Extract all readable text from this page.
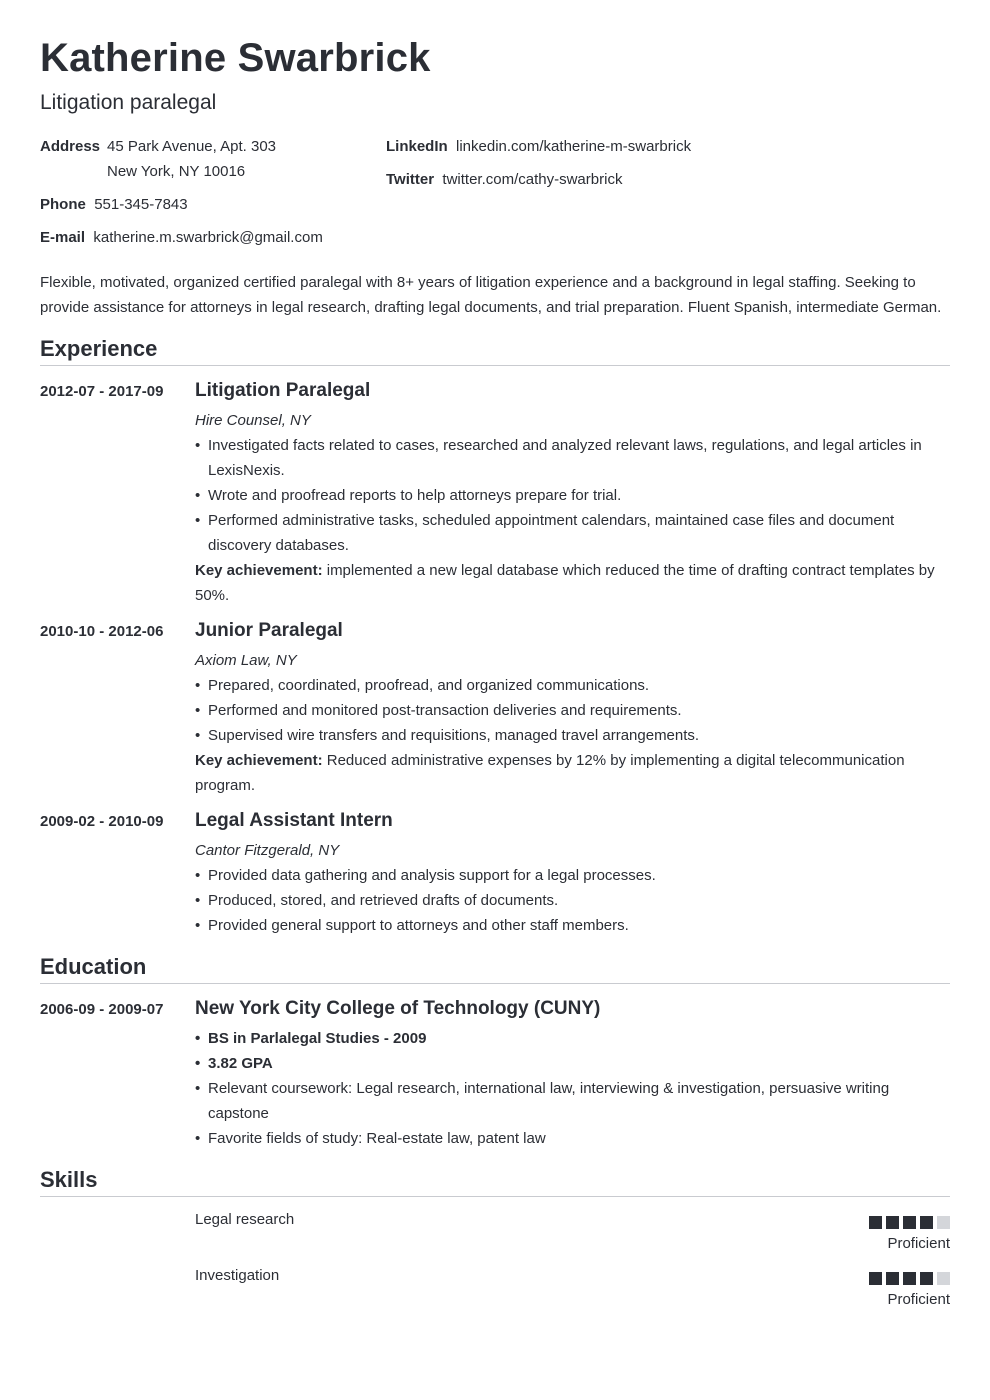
Katherine Swarbrick
Litigation paralegal
Address 45 Park Avenue, Apt. 303
New York, NY 10016
Phone 551-345-7843
E-mail katherine.m.swarbrick@gmail.com
LinkedIn linkedin.com/katherine-m-swarbrick
Twitter twitter.com/cathy-swarbrick
Flexible, motivated, organized certified paralegal with 8+ years of litigation experience and a background in legal staffing. Seeking to provide assistance for attorneys in legal research, drafting legal documents, and trial preparation. Fluent Spanish, intermediate German.
Experience
2012-07 - 2017-09 Litigation Paralegal
Hire Counsel, NY
• Investigated facts related to cases, researched and analyzed relevant laws, regulations, and legal articles in LexisNexis.
• Wrote and proofread reports to help attorneys prepare for trial.
• Performed administrative tasks, scheduled appointment calendars, maintained case files and document discovery databases.
Key achievement: implemented a new legal database which reduced the time of drafting contract templates by 50%.
2010-10 - 2012-06 Junior Paralegal
Axiom Law, NY
• Prepared, coordinated, proofread, and organized communications.
• Performed and monitored post-transaction deliveries and requirements.
• Supervised wire transfers and requisitions, managed travel arrangements.
Key achievement: Reduced administrative expenses by 12% by implementing a digital telecommunication program.
2009-02 - 2010-09 Legal Assistant Intern
Cantor Fitzgerald, NY
• Provided data gathering and analysis support for a legal processes.
• Produced, stored, and retrieved drafts of documents.
• Provided general support to attorneys and other staff members.
Education
2006-09 - 2009-07 New York City College of Technology (CUNY)
• BS in Parlalegal Studies - 2009
• 3.82 GPA
• Relevant coursework: Legal research, international law, interviewing & investigation, persuasive writing capstone
• Favorite fields of study: Real-estate law, patent law
Skills
Legal research
Proficient
Investigation
Proficient
